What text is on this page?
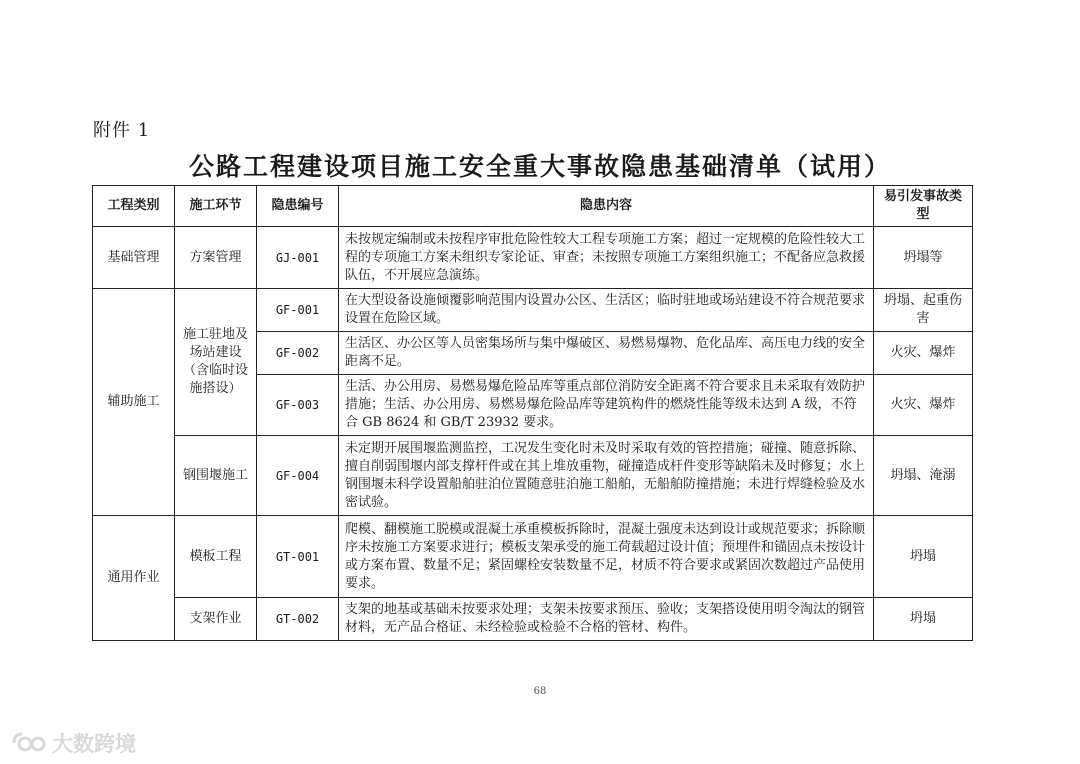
附件 1
公路工程建设项目施工安全重大事故隐患基础清单（试用）
工程类别	施工环节	隐患编号	隐患内容	易引发事故类型
基础管理	方案管理	GJ-001	未按规定编制或未按程序审批危险性较大工程专项施工方案；超过一定规模的危险性较大工程的专项施工方案未组织专家论证、审查；未按照专项施工方案组织施工；不配备应急救援队伍，不开展应急演练。	坍塌等
辅助施工	施工驻地及场站建设（含临时设施搭设）	GF-001	在大型设备设施倾覆影响范围内设置办公区、生活区；临时驻地或场站建设不符合规范要求设置在危险区域。	坍塌、起重伤害
		GF-002	生活区、办公区等人员密集场所与集中爆破区、易燃易爆物、危化品库、高压电力线的安全距离不足。	火灾、爆炸
		GF-003	生活、办公用房、易燃易爆危险品库等重点部位消防安全距离不符合要求且未采取有效防护措施；生活、办公用房、易燃易爆危险品库等建筑构件的燃烧性能等级未达到 A 级，不符合 GB 8624 和 GB/T 23932 要求。	火灾、爆炸
	钢围堰施工	GF-004	未定期开展围堰监测监控，工况发生变化时未及时采取有效的管控措施；碰撞、随意拆除、擅自削弱围堰内部支撑杆件或在其上堆放重物，碰撞造成杆件变形等缺陷未及时修复；水上钢围堰未科学设置船舶驻泊位置随意驻泊施工船舶，无船舶防撞措施；未进行焊缝检验及水密试验。	坍塌、淹溺
通用作业	模板工程	GT-001	爬模、翻模施工脱模或混凝土承重模板拆除时，混凝土强度未达到设计或规范要求；拆除顺序未按施工方案要求进行；模板支架承受的施工荷载超过设计值；预埋件和锚固点未按设计或方案布置、数量不足；紧固螺栓安装数量不足，材质不符合要求或紧固次数超过产品使用要求。	坍塌
	支架作业	GT-002	支架的地基或基础未按要求处理；支架未按要求预压、验收；支架搭设使用明令淘汰的钢管材料，无产品合格证、未经检验或检验不合格的管材、构件。	坍塌
68
大数跨境
